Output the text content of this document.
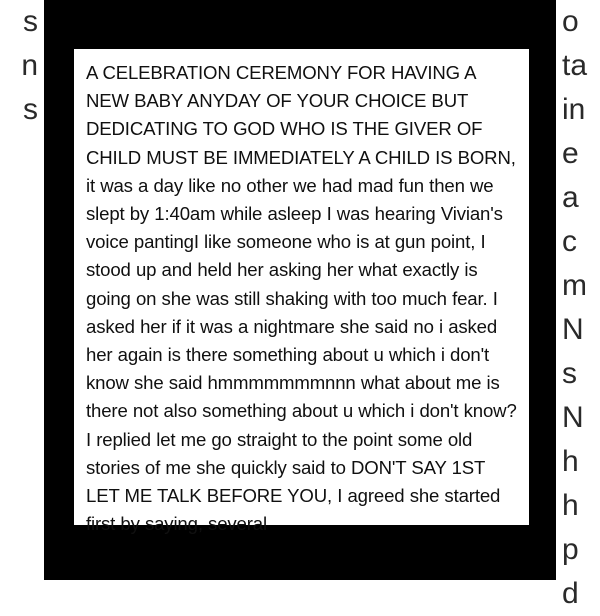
s
n
s
A CELEBRATION CEREMONY FOR HAVING A NEW BABY ANYDAY OF YOUR CHOICE BUT DEDICATING TO GOD WHO IS THE GIVER OF CHILD MUST BE IMMEDIATELY A CHILD IS BORN, it was a day like no other we had mad fun then we slept by 1:40am while asleep I was hearing Vivian's voice pantingI like someone who is at gun point, I stood up and held her asking her what exactly is going on she was still shaking with too much fear. I asked her if it was a nightmare she said no i asked her again is there something about u which i don't know she said hmmmmmmmnnn what about me is there not also something about u which i don't know? I replied let me go straight to the point some old stories of me she quickly said to DON'T SAY 1ST LET ME TALK BEFORE YOU, I agreed she started first by saying, several
o
ta
in
e
a
c
m
N
s
N
h
h
p
d
